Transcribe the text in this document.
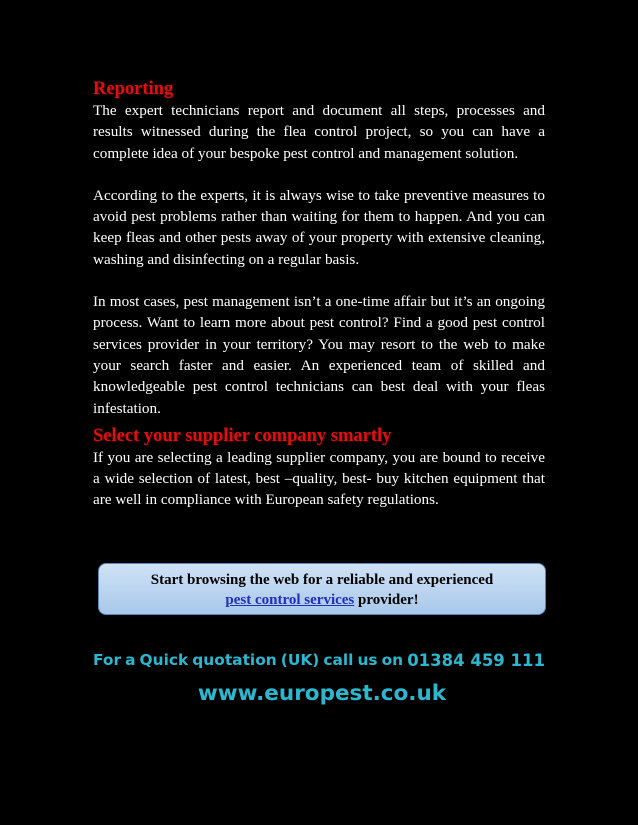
Reporting

The expert technicians report and document all steps, processes and results witnessed during the flea control project, so you can have a complete idea of your bespoke pest control and management solution.

According to the experts, it is always wise to take preventive measures to avoid pest problems rather than waiting for them to happen. And you can keep fleas and other pests away of your property with extensive cleaning, washing and disinfecting on a regular basis.

In most cases, pest management isn’t a one-time affair but it’s an ongoing process. Want to learn more about pest control? Find a good pest control services provider in your territory? You may resort to the web to make your search faster and easier. An experienced team of skilled and knowledgeable pest control technicians can best deal with your fleas infestation.

Select your supplier company smartly

If you are selecting a leading supplier company, you are bound to receive a wide selection of latest, best –quality, best- buy kitchen equipment that are well in compliance with European safety regulations.

Start browsing the web for a reliable and experienced
pest control services provider!
For a Quick quotation (UK) call us on 01384 459 111
www.europest.co.uk
